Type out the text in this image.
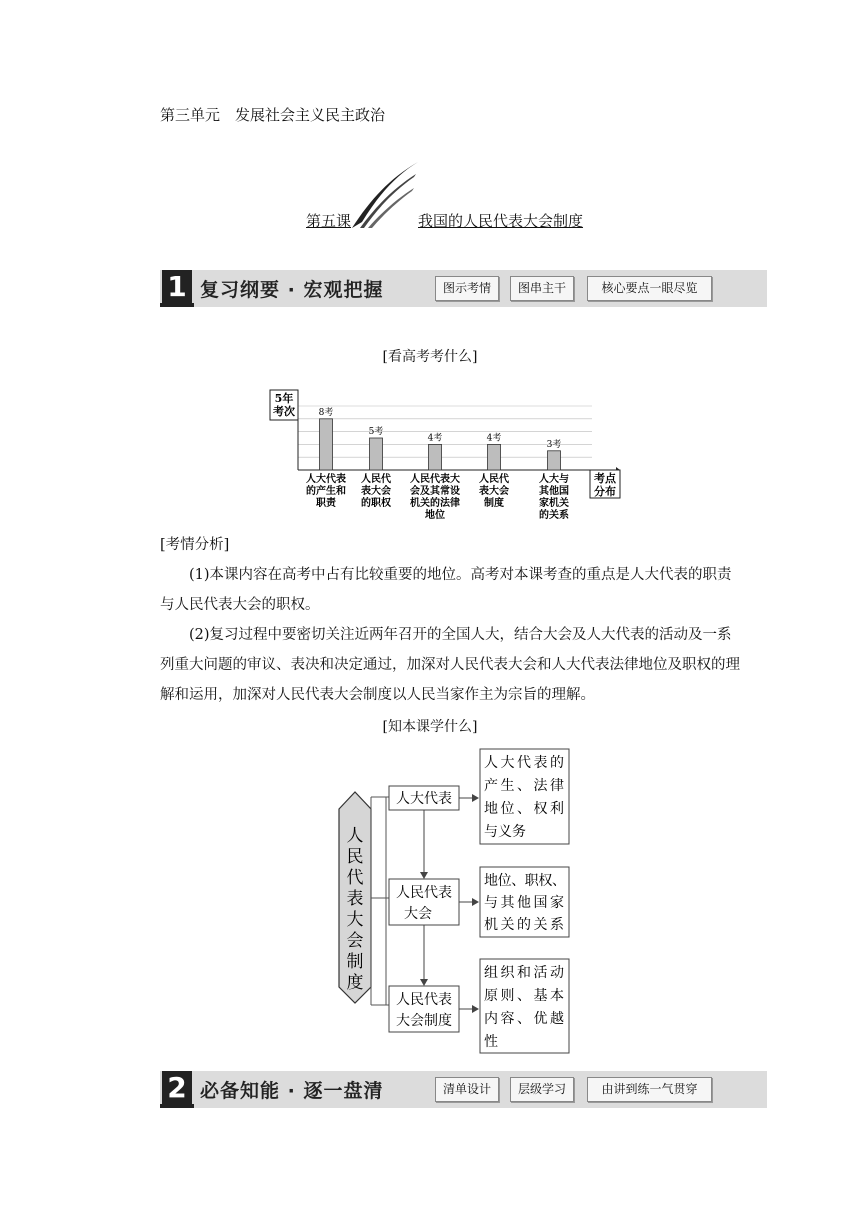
第三单元　发展社会主义民主政治
第五课	我国的人民代表大会制度
1 复习纲要 · 宏观把握	图示考情	图串主干	核心要点一眼尽览
[看高考考什么]
5年
考次
考点
分布
8考
人大代表
的产生和
职责
5考
人民代
表大会
的职权
4考
人民代表大
会及其常设
机关的法律
地位
4考
人民代
表大会
制度
3考
人大与
其他国
家机关
的关系

[考情分析]

(1)本课内容在高考中占有比较重要的地位。高考对本课考查的重点是人大代表的职责与人民代表大会的职权。

(2)复习过程中要密切关注近两年召开的全国人大，结合大会及人大代表的活动及一系列重大问题的审议、表决和决定通过，加深对人民代表大会和人大代表法律地位及职权的理解和运用，加深对人民代表大会制度以人民当家作主为宗旨的理解。

[知本课学什么]
人
民
代
表
大
会
制
度
人大代表
人民代表
大会
人民代表
大会制度
人大代表的
产生、法律
地位、权利
与义务
地位、职权、
与其他国家
机关的关系
组织和活动
原则、基本
内容、优越
性
2 必备知能 · 逐一盘清	清单设计	层级学习	由讲到练一气贯穿
